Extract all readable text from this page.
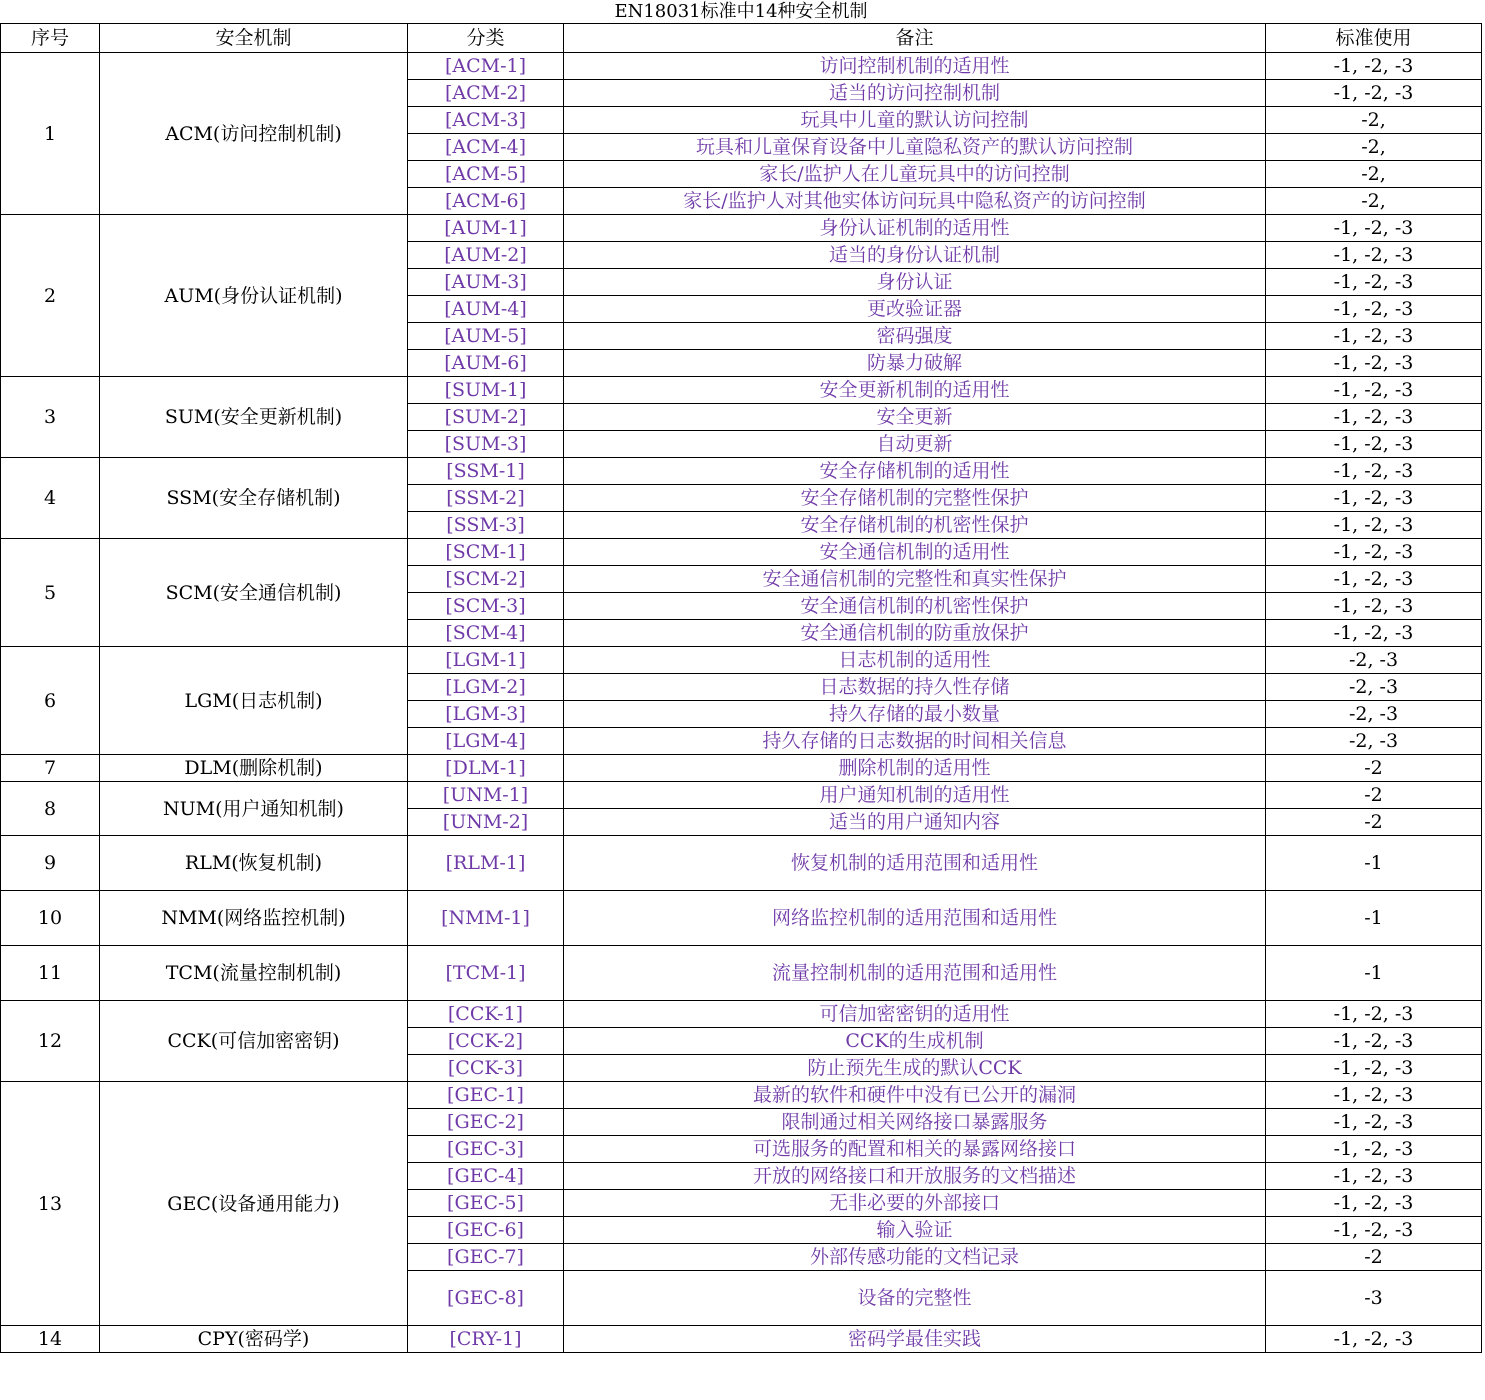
EN18031标准中14种安全机制				
序号	安全机制	分类	备注	标准使用
1	ACM(访问控制机制)	[ACM-1]	访问控制机制的适用性	-1, -2, -3
		[ACM-2]	适当的访问控制机制	-1, -2, -3
		[ACM-3]	玩具中儿童的默认访问控制	-2,
		[ACM-4]	玩具和儿童保育设备中儿童隐私资产的默认访问控制	-2,
		[ACM-5]	家长/监护人在儿童玩具中的访问控制	-2,
		[ACM-6]	家长/监护人对其他实体访问玩具中隐私资产的访问控制	-2,
2	AUM(身份认证机制)	[AUM-1]	身份认证机制的适用性	-1, -2, -3
		[AUM-2]	适当的身份认证机制	-1, -2, -3
		[AUM-3]	身份认证	-1, -2, -3
		[AUM-4]	更改验证器	-1, -2, -3
		[AUM-5]	密码强度	-1, -2, -3
		[AUM-6]	防暴力破解	-1, -2, -3
3	SUM(安全更新机制)	[SUM-1]	安全更新机制的适用性	-1, -2, -3
		[SUM-2]	安全更新	-1, -2, -3
		[SUM-3]	自动更新	-1, -2, -3
4	SSM(安全存储机制)	[SSM-1]	安全存储机制的适用性	-1, -2, -3
		[SSM-2]	安全存储机制的完整性保护	-1, -2, -3
		[SSM-3]	安全存储机制的机密性保护	-1, -2, -3
5	SCM(安全通信机制)	[SCM-1]	安全通信机制的适用性	-1, -2, -3
		[SCM-2]	安全通信机制的完整性和真实性保护	-1, -2, -3
		[SCM-3]	安全通信机制的机密性保护	-1, -2, -3
		[SCM-4]	安全通信机制的防重放保护	-1, -2, -3
6	LGM(日志机制)	[LGM-1]	日志机制的适用性	-2, -3
		[LGM-2]	日志数据的持久性存储	-2, -3
		[LGM-3]	持久存储的最小数量	-2, -3
		[LGM-4]	持久存储的日志数据的时间相关信息	-2, -3
7	DLM(删除机制)	[DLM-1]	删除机制的适用性	-2
8	NUM(用户通知机制)	[UNM-1]	用户通知机制的适用性	-2
		[UNM-2]	适当的用户通知内容	-2
9	RLM(恢复机制)	[RLM-1]	恢复机制的适用范围和适用性	-1
10	NMM(网络监控机制)	[NMM-1]	网络监控机制的适用范围和适用性	-1
11	TCM(流量控制机制)	[TCM-1]	流量控制机制的适用范围和适用性	-1
12	CCK(可信加密密钥)	[CCK-1]	可信加密密钥的适用性	-1, -2, -3
		[CCK-2]	CCK的生成机制	-1, -2, -3
		[CCK-3]	防止预先生成的默认CCK	-1, -2, -3
13	GEC(设备通用能力)	[GEC-1]	最新的软件和硬件中没有已公开的漏洞	-1, -2, -3
		[GEC-2]	限制通过相关网络接口暴露服务	-1, -2, -3
		[GEC-3]	可选服务的配置和相关的暴露网络接口	-1, -2, -3
		[GEC-4]	开放的网络接口和开放服务的文档描述	-1, -2, -3
		[GEC-5]	无非必要的外部接口	-1, -2, -3
		[GEC-6]	输入验证	-1, -2, -3
		[GEC-7]	外部传感功能的文档记录	-2
		[GEC-8]	设备的完整性	-3
14	CPY(密码学)	[CRY-1]	密码学最佳实践	-1, -2, -3
